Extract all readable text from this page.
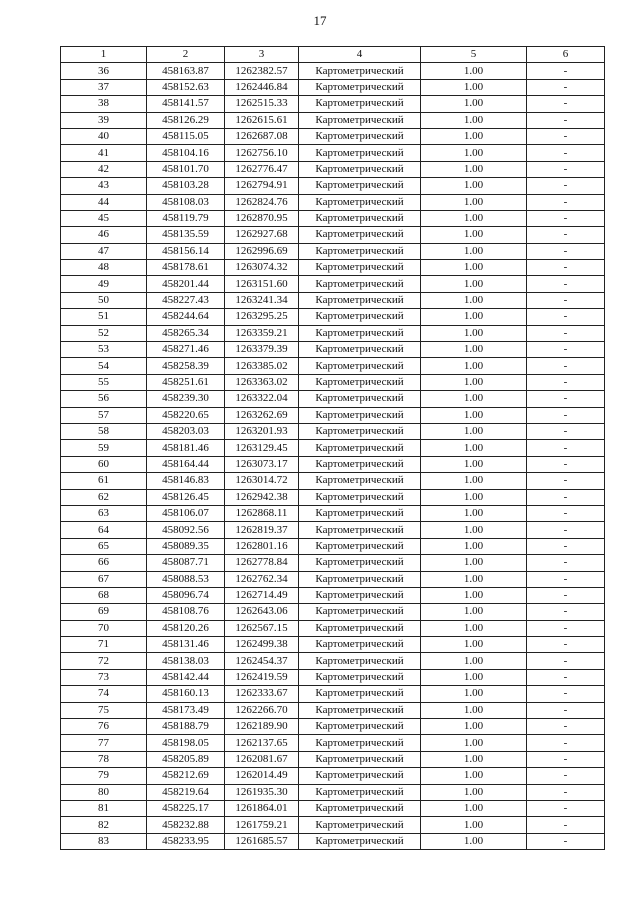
17
1	2	3	4	5	6
36	458163.87	1262382.57	Картометрический	1.00	-
37	458152.63	1262446.84	Картометрический	1.00	-
38	458141.57	1262515.33	Картометрический	1.00	-
39	458126.29	1262615.61	Картометрический	1.00	-
40	458115.05	1262687.08	Картометрический	1.00	-
41	458104.16	1262756.10	Картометрический	1.00	-
42	458101.70	1262776.47	Картометрический	1.00	-
43	458103.28	1262794.91	Картометрический	1.00	-
44	458108.03	1262824.76	Картометрический	1.00	-
45	458119.79	1262870.95	Картометрический	1.00	-
46	458135.59	1262927.68	Картометрический	1.00	-
47	458156.14	1262996.69	Картометрический	1.00	-
48	458178.61	1263074.32	Картометрический	1.00	-
49	458201.44	1263151.60	Картометрический	1.00	-
50	458227.43	1263241.34	Картометрический	1.00	-
51	458244.64	1263295.25	Картометрический	1.00	-
52	458265.34	1263359.21	Картометрический	1.00	-
53	458271.46	1263379.39	Картометрический	1.00	-
54	458258.39	1263385.02	Картометрический	1.00	-
55	458251.61	1263363.02	Картометрический	1.00	-
56	458239.30	1263322.04	Картометрический	1.00	-
57	458220.65	1263262.69	Картометрический	1.00	-
58	458203.03	1263201.93	Картометрический	1.00	-
59	458181.46	1263129.45	Картометрический	1.00	-
60	458164.44	1263073.17	Картометрический	1.00	-
61	458146.83	1263014.72	Картометрический	1.00	-
62	458126.45	1262942.38	Картометрический	1.00	-
63	458106.07	1262868.11	Картометрический	1.00	-
64	458092.56	1262819.37	Картометрический	1.00	-
65	458089.35	1262801.16	Картометрический	1.00	-
66	458087.71	1262778.84	Картометрический	1.00	-
67	458088.53	1262762.34	Картометрический	1.00	-
68	458096.74	1262714.49	Картометрический	1.00	-
69	458108.76	1262643.06	Картометрический	1.00	-
70	458120.26	1262567.15	Картометрический	1.00	-
71	458131.46	1262499.38	Картометрический	1.00	-
72	458138.03	1262454.37	Картометрический	1.00	-
73	458142.44	1262419.59	Картометрический	1.00	-
74	458160.13	1262333.67	Картометрический	1.00	-
75	458173.49	1262266.70	Картометрический	1.00	-
76	458188.79	1262189.90	Картометрический	1.00	-
77	458198.05	1262137.65	Картометрический	1.00	-
78	458205.89	1262081.67	Картометрический	1.00	-
79	458212.69	1262014.49	Картометрический	1.00	-
80	458219.64	1261935.30	Картометрический	1.00	-
81	458225.17	1261864.01	Картометрический	1.00	-
82	458232.88	1261759.21	Картометрический	1.00	-
83	458233.95	1261685.57	Картометрический	1.00	-
